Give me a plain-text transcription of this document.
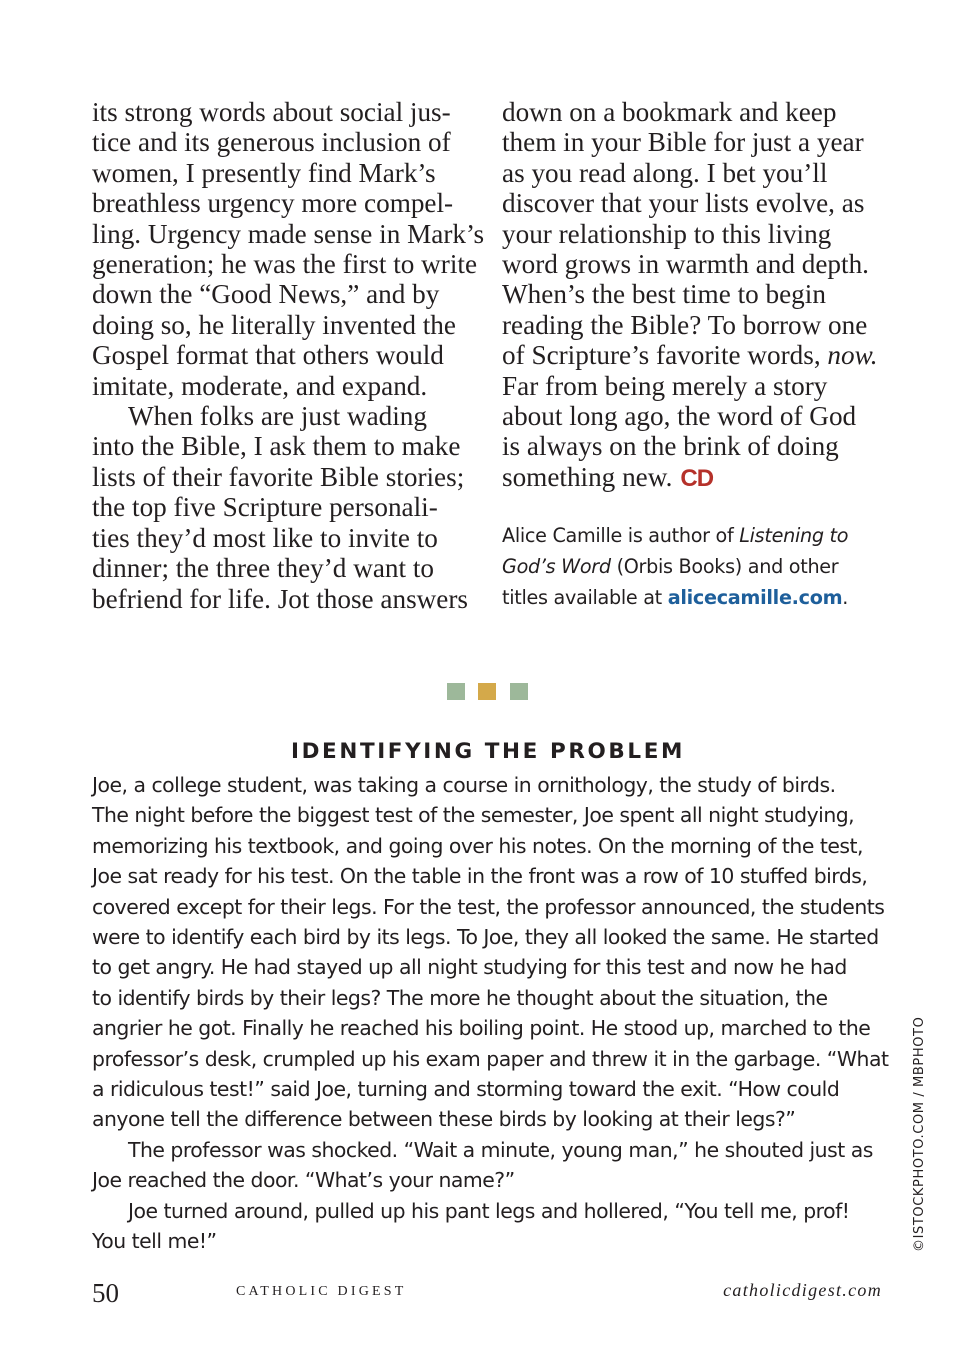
its strong words about social jus-
tice and its generous inclusion of
women, I presently find Mark’s
breathless urgency more compel-
ling. Urgency made sense in Mark’s
generation; he was the first to write
down the “Good News,” and by
doing so, he literally invented the
Gospel format that others would
imitate, moderate, and expand.

When folks are just wading
into the Bible, I ask them to make
lists of their favorite Bible stories;
the top five Scripture personali-
ties they’d most like to invite to
dinner; the three they’d want to
befriend for life. Jot those answers

down on a bookmark and keep
them in your Bible for just a year
as you read along. I bet you’ll
discover that your lists evolve, as
your relationship to this living
word grows in warmth and depth.
When’s the best time to begin
reading the Bible? To borrow one
of Scripture’s favorite words, now.
Far from being merely a story
about long ago, the word of God
is always on the brink of doing
something new. CD

Alice Camille is author of Listening to God’s Word (Orbis Books) and other titles available at alicecamille.com.

IDENTIFYING THE PROBLEM

Joe, a college student, was taking a course in ornithology, the study of birds.
The night before the biggest test of the semester, Joe spent all night studying,
memorizing his textbook, and going over his notes. On the morning of the test,
Joe sat ready for his test. On the table in the front was a row of 10 stuffed birds,
covered except for their legs. For the test, the professor announced, the students
were to identify each bird by its legs. To Joe, they all looked the same. He started
to get angry. He had stayed up all night studying for this test and now he had
to identify birds by their legs? The more he thought about the situation, the
angrier he got. Finally he reached his boiling point. He stood up, marched to the
professor’s desk, crumpled up his exam paper and threw it in the garbage. “What
a ridiculous test!” said Joe, turning and storming toward the exit. “How could
anyone tell the difference between these birds by looking at their legs?”

The professor was shocked. “Wait a minute, young man,” he shouted just as
Joe reached the door. “What’s your name?”

Joe turned around, pulled up his pant legs and hollered, “You tell me, prof!
You tell me!”	©ISTOCKPHOTO.COM / MBPHOTO
50	CATHOLIC DIGEST	catholicdigest.com
